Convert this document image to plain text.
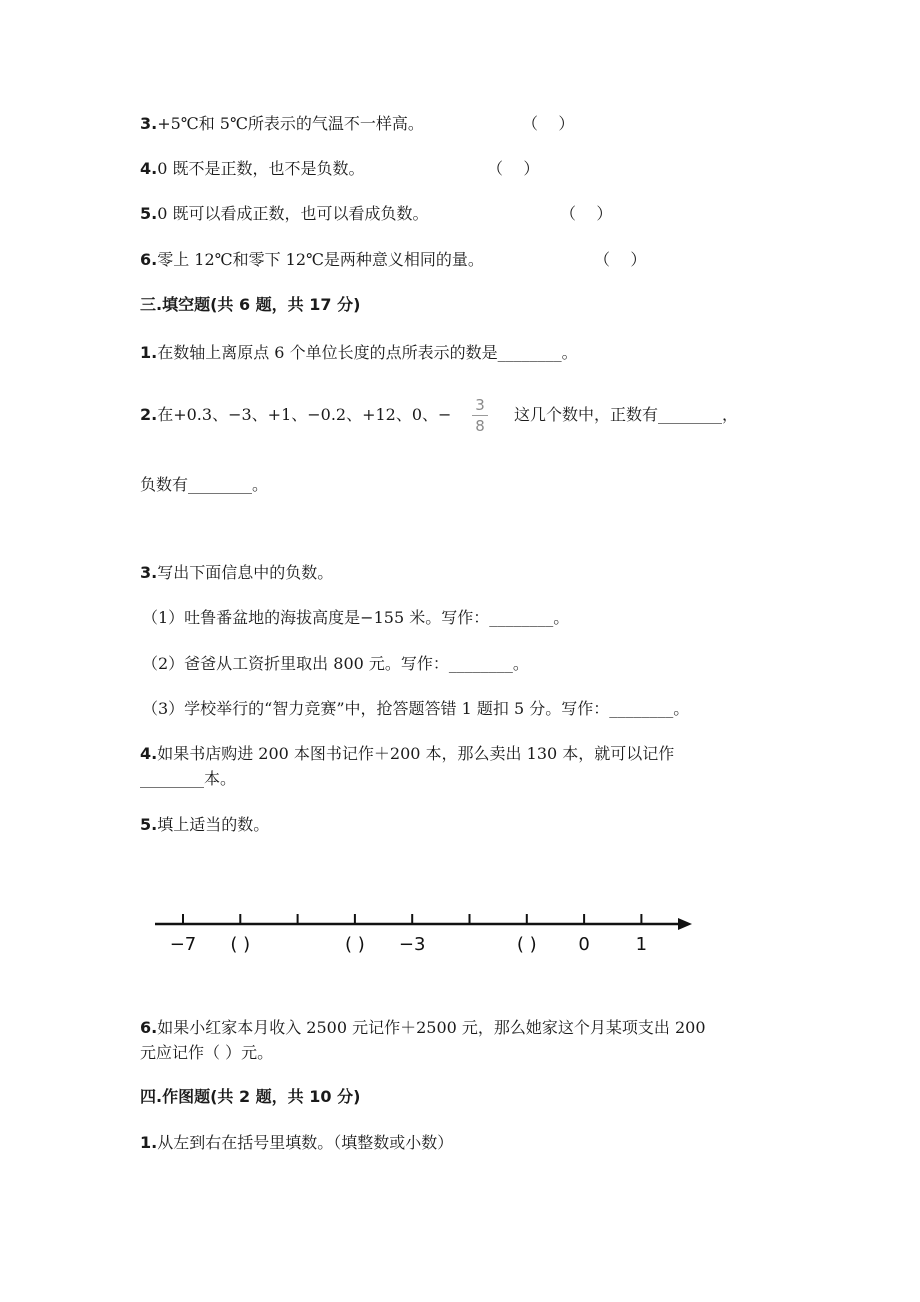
3.+5℃和 5℃所表示的气温不一样高。	（    ）
4.0 既不是正数，也不是负数。	（    ）
5.0 既可以看成正数，也可以看成负数。	（    ）
6.零上 12℃和零下 12℃是两种意义相同的量。	（    ）
三.填空题(共 6 题，共 17 分)
1.在数轴上离原点 6 个单位长度的点所表示的数是________。
2.在+0.3、−3、+1、−0.2、+12、0、−	3
8
这几个数中，正数有________，
负数有________。
3.写出下面信息中的负数。
（1）吐鲁番盆地的海拔高度是−155 米。写作：________。
（2）爸爸从工资折里取出 800 元。写作：________。
（3）学校举行的“智力竞赛”中，抢答题答错 1 题扣 5 分。写作：________。
4.如果书店购进 200 本图书记作＋200 本，那么卖出 130 本，就可以记作
________本。
5.填上适当的数。
−7 ( )	( ) −3	( ) 0	1
6.如果小红家本月收入 2500 元记作＋2500 元，那么她家这个月某项支出 200
元应记作（ ）元。
四.作图题(共 2 题，共 10 分)
1.从左到右在括号里填数。（填整数或小数）
